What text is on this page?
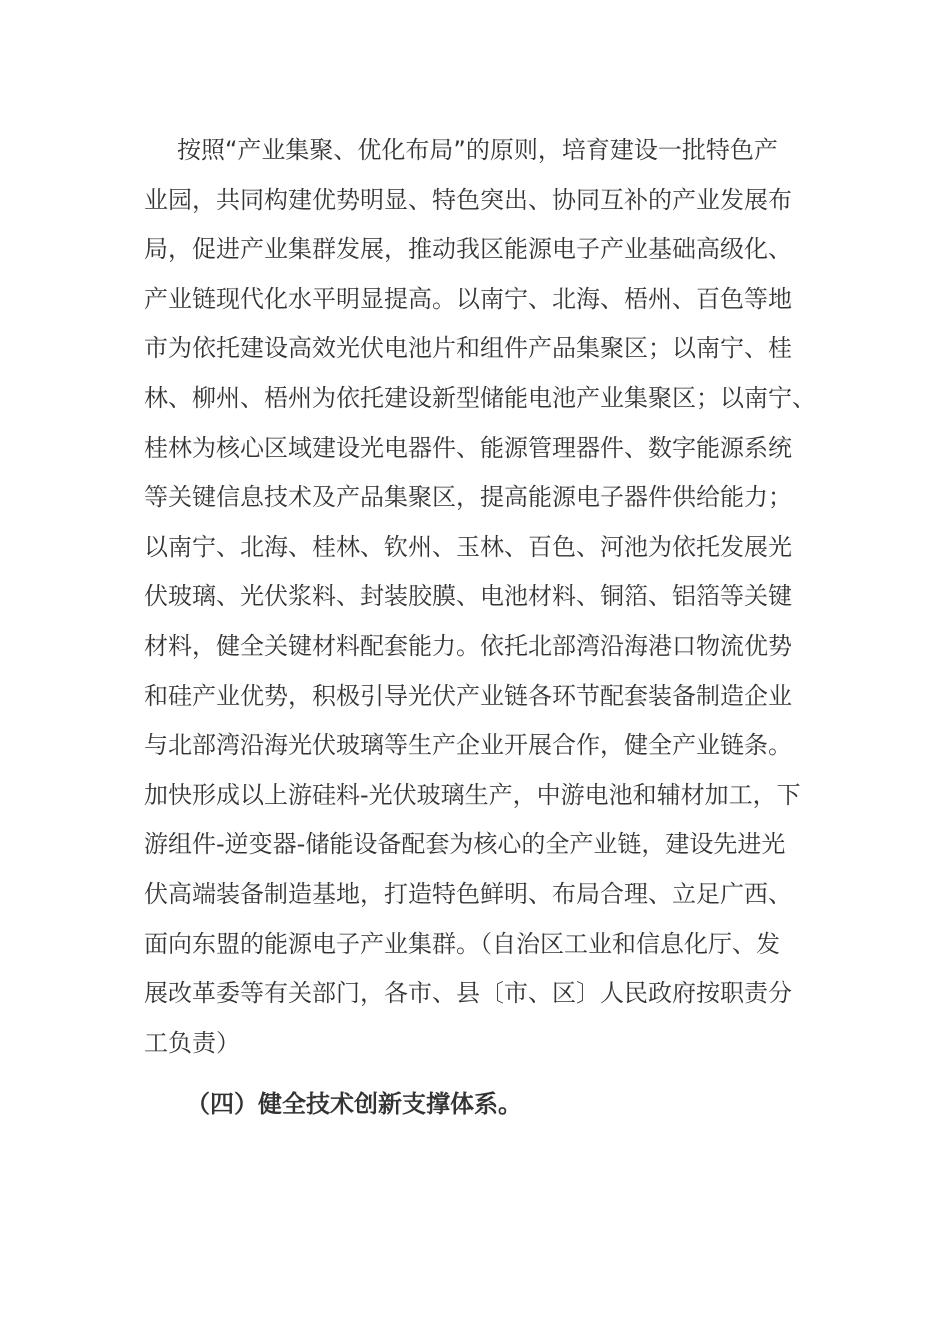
按照“产业集聚、优化布局”的原则，培育建设一批特色产
业园，共同构建优势明显、特色突出、协同互补的产业发展布
局，促进产业集群发展，推动我区能源电子产业基础高级化、
产业链现代化水平明显提高。以南宁、北海、梧州、百色等地
市为依托建设高效光伏电池片和组件产品集聚区；以南宁、桂
林、柳州、梧州为依托建设新型储能电池产业集聚区；以南宁、
桂林为核心区域建设光电器件、能源管理器件、数字能源系统
等关键信息技术及产品集聚区，提高能源电子器件供给能力；
以南宁、北海、桂林、钦州、玉林、百色、河池为依托发展光
伏玻璃、光伏浆料、封装胶膜、电池材料、铜箔、铝箔等关键
材料，健全关键材料配套能力。依托北部湾沿海港口物流优势
和硅产业优势，积极引导光伏产业链各环节配套装备制造企业
与北部湾沿海光伏玻璃等生产企业开展合作，健全产业链条。
加快形成以上游硅料-光伏玻璃生产，中游电池和辅材加工，下
游组件-逆变器-储能设备配套为核心的全产业链，建设先进光
伏高端装备制造基地，打造特色鲜明、布局合理、立足广西、
面向东盟的能源电子产业集群。（自治区工业和信息化厅、发
展改革委等有关部门，各市、县〔市、区〕人民政府按职责分
工负责）

（四）健全技术创新支撑体系。
